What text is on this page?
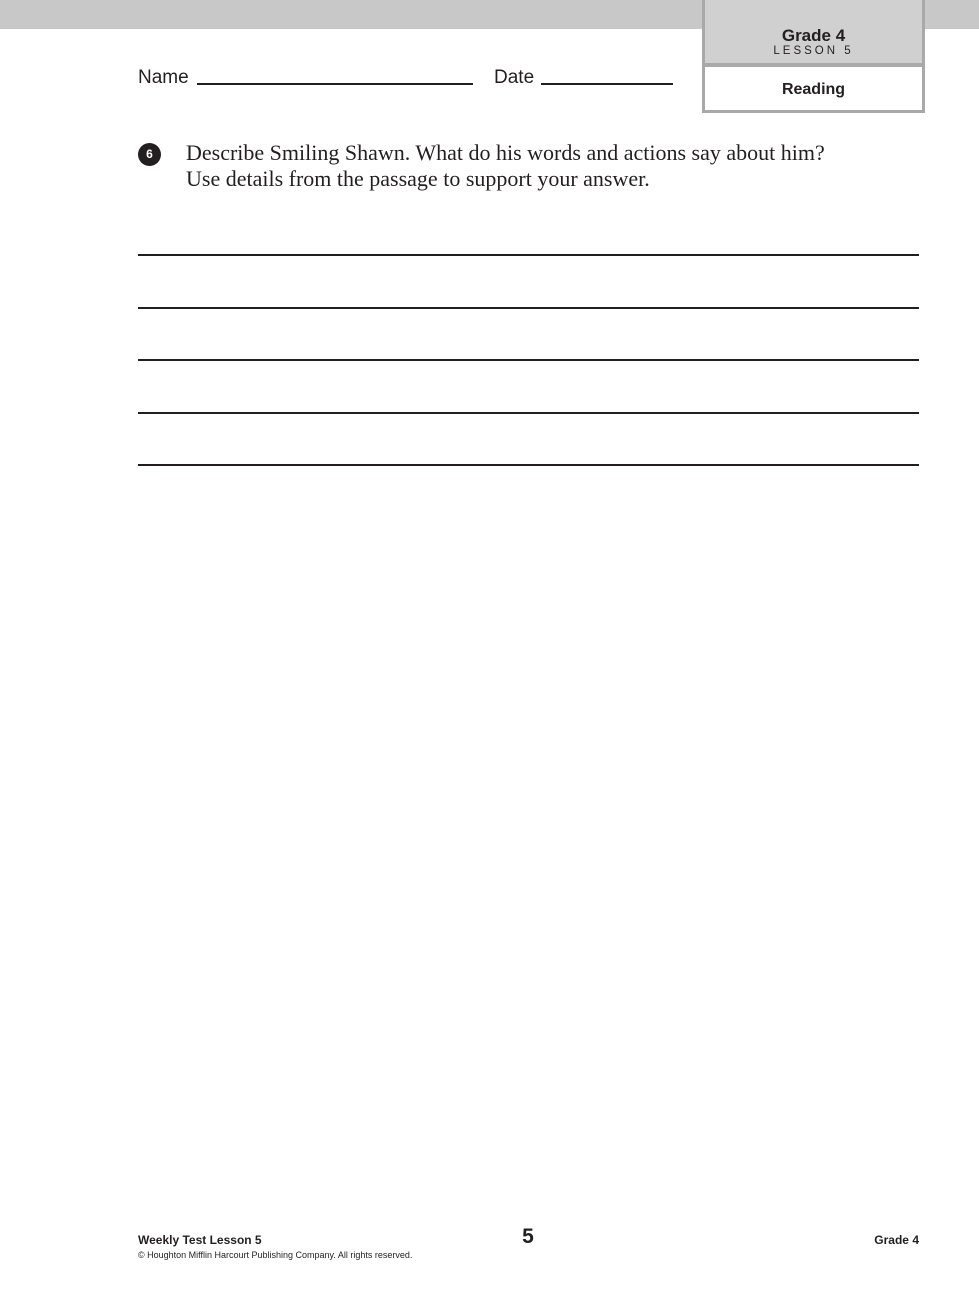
Grade 4
LESSON 5
Reading
Name	Date
6	Describe Smiling Shawn. What do his words and actions say about him?
Use details from the passage to support your answer.
Weekly Test Lesson 5
© Houghton Mifflin Harcourt Publishing Company. All rights reserved.
5	Grade 4
